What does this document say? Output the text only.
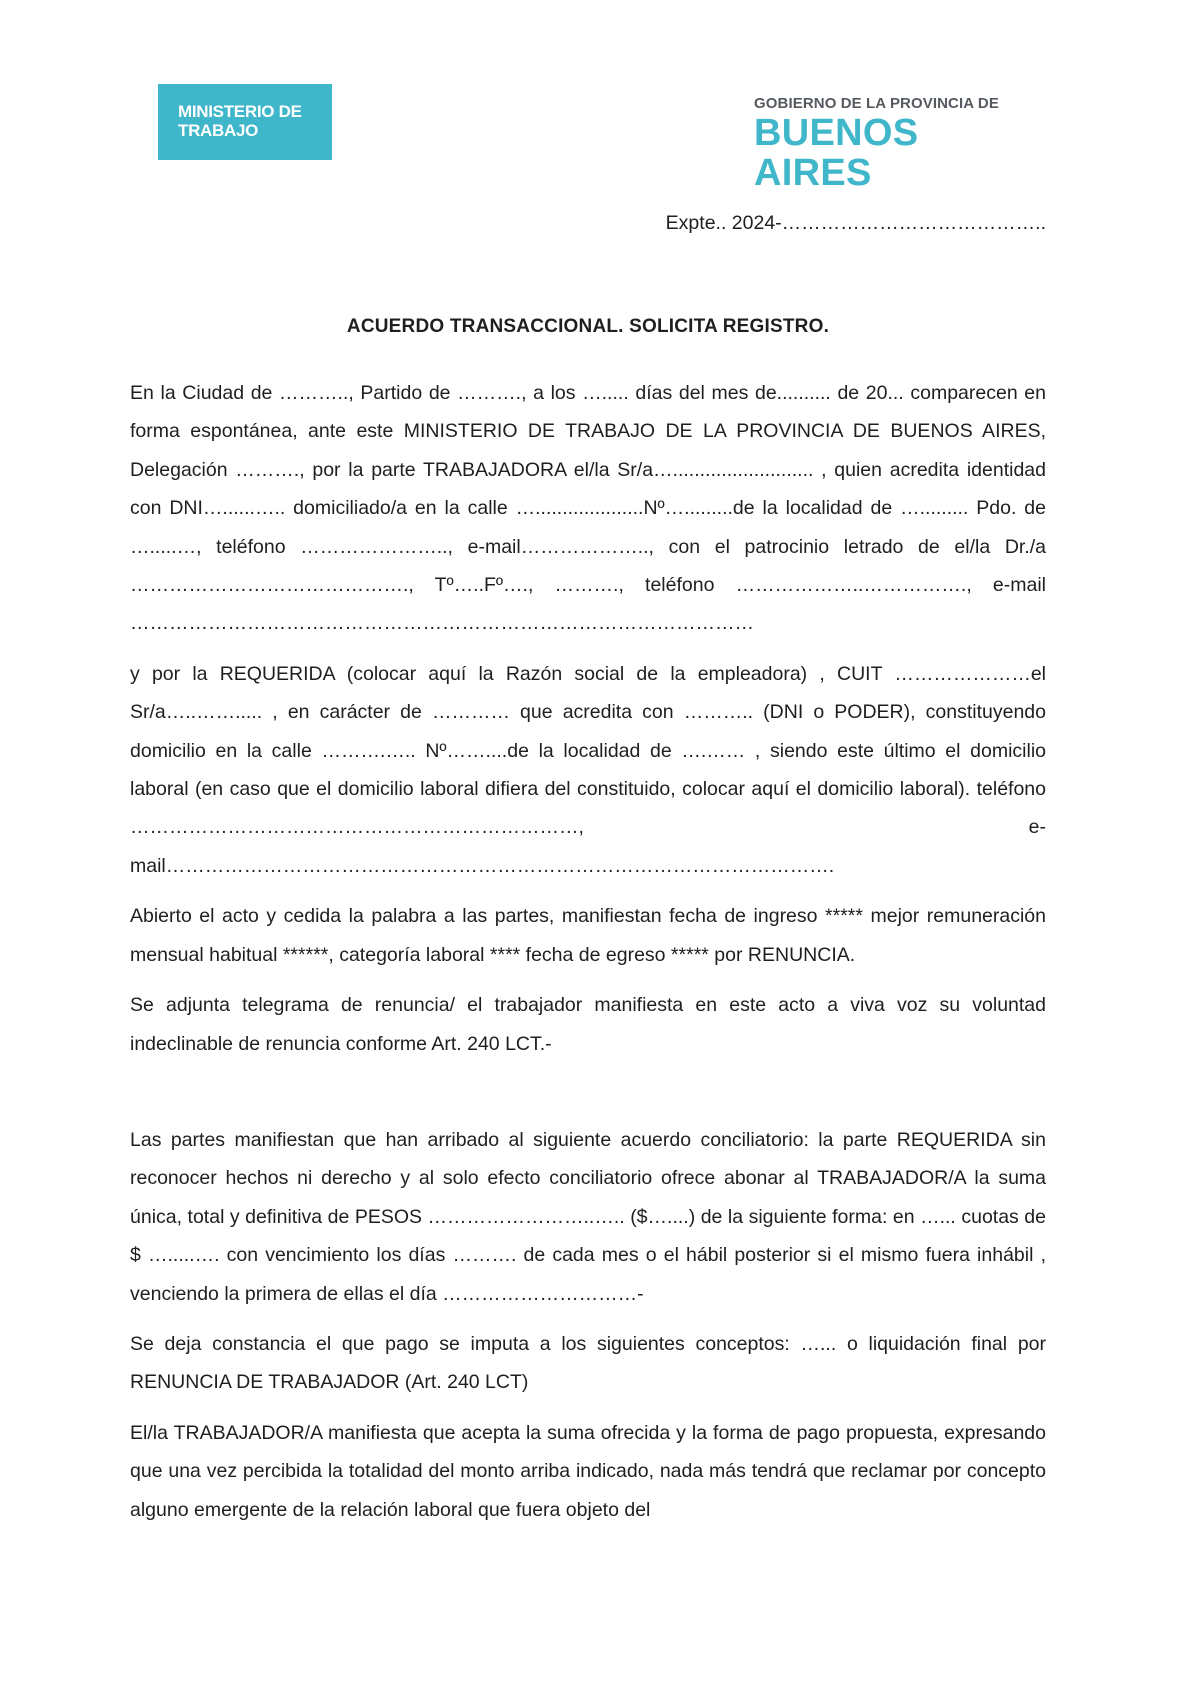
MINISTERIO DE
TRABAJO
GOBIERNO DE LA PROVINCIA DE
BUENOS AIRES
Expte.. 2024-…………………………………..
ACUERDO TRANSACCIONAL. SOLICITA REGISTRO.

En la Ciudad de ……….., Partido de ………., a los …..... días del mes de.......... de 20... comparecen en forma espontánea, ante este MINISTERIO DE TRABAJO DE LA PROVINCIA DE BUENOS AIRES, Delegación ………., por la parte TRABAJADORA el/la Sr/a….......................... , quien acredita identidad con DNI…......….. domiciliado/a en la calle …....................Nº….........de la localidad de …......... Pdo. de ….....…, teléfono ………………….., e-mail……………….., con el patrocinio letrado de el/la Dr./a ……………………………………., Tº…..Fº…., ………., teléfono ………………..……………., e-mail ……………………………………………………………………………………

y por la REQUERIDA (colocar aquí la Razón social de la empleadora) , CUIT …………………el Sr/a…..……..... , en carácter de ………… que acredita con ……….. (DNI o PODER), constituyendo domicilio en la calle ……….….. Nº……....de la localidad de ….…… , siendo este último el domicilio laboral (en caso que el domicilio laboral difiera del constituido, colocar aquí el domicilio laboral). teléfono ……………………………………………………………, e-mail………………………………………………………………………………………….

Abierto el acto y cedida la palabra a las partes, manifiestan fecha de ingreso ***** mejor remuneración mensual habitual ******, categoría laboral **** fecha de egreso ***** por RENUNCIA.

Se adjunta telegrama de renuncia/ el trabajador manifiesta en este acto a viva voz su voluntad indeclinable de renuncia conforme Art. 240 LCT.-

Las partes manifiestan que han arribado al siguiente acuerdo conciliatorio: la parte REQUERIDA sin reconocer hechos ni derecho y al solo efecto conciliatorio ofrece abonar al TRABAJADOR/A la suma única, total y definitiva de PESOS ……………………..….. ($…....) de la siguiente forma: en …... cuotas de $ ….....…. con vencimiento los días ………. de cada mes o el hábil posterior si el mismo fuera inhábil , venciendo la primera de ellas el día …………………………-

Se deja constancia el que pago se imputa a los siguientes conceptos: …... o liquidación final por RENUNCIA DE TRABAJADOR (Art. 240 LCT)

El/la TRABAJADOR/A manifiesta que acepta la suma ofrecida y la forma de pago propuesta, expresando que una vez percibida la totalidad del monto arriba indicado, nada más tendrá que reclamar por concepto alguno emergente de la relación laboral que fuera objeto del
